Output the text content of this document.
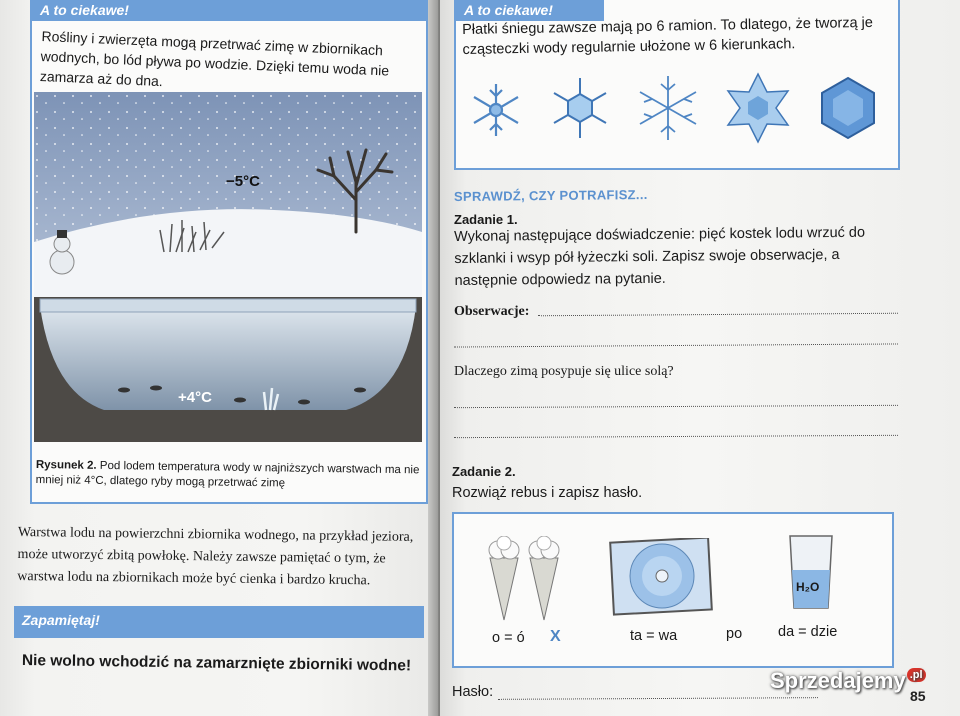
A to ciekawe!
Rośliny i zwierzęta mogą przetrwać zimę w zbiornikach wodnych, bo lód pływa po wodzie. Dzięki temu woda nie zamarza aż do dna.
−5°C
+4°C
Rysunek 2. Pod lodem temperatura wody w najniższych warstwach ma nie mniej niż 4°C, dlatego ryby mogą przetrwać zimę
Warstwa lodu na powierzchni zbiornika wodnego, na przykład jeziora, może utworzyć zbitą powłokę. Należy zawsze pamiętać o tym, że warstwa lodu na zbiornikach może być cienka i bardzo krucha.
Zapamiętaj!
Nie wolno wchodzić na zamarznięte zbiorniki wodne!
A to ciekawe!
Płatki śniegu zawsze mają po 6 ramion. To dlatego, że tworzą je cząsteczki wody regularnie ułożone w 6 kierunkach.
SPRAWDŹ, CZY POTRAFISZ...
Zadanie 1.
Wykonaj następujące doświadczenie: pięć kostek lodu wrzuć do szklanki i wsyp pół łyżeczki soli. Zapisz swoje obserwacje, a następnie odpowiedz na pytanie.
Obserwacje:
Dlaczego zimą posypuje się ulice solą?
Zadanie 2.
Rozwiąż rebus i zapisz hasło.
H₂O
o = ó X	ta = wa	po da = dzie
Hasło:	85
Sprzedajemy .pl
